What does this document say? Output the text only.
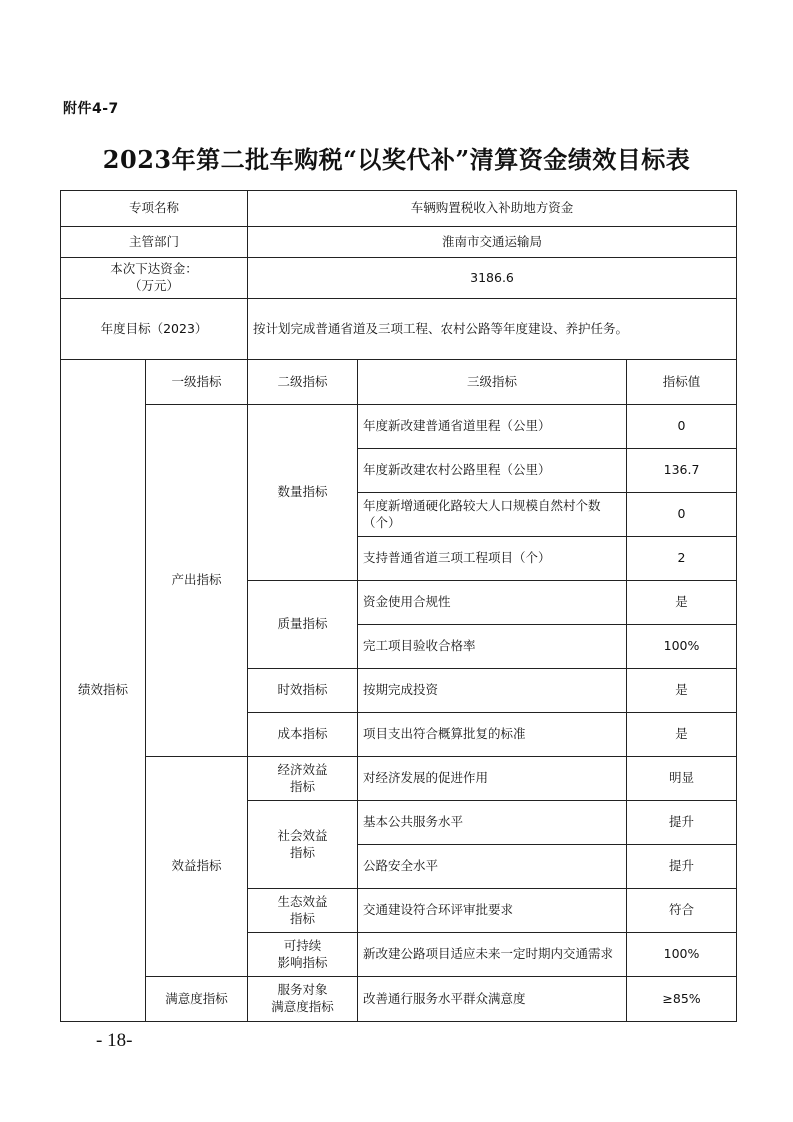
附件4-7
2023年第二批车购税“以奖代补”清算资金绩效目标表
专项名称		车辆购置税收入补助地方资金		
主管部门		淮南市交通运输局		

本次下达资金：
（万元）		3186.6		
年度目标（2023）		按计划完成普通省道及三项工程、农村公路等年度建设、养护任务。		
绩效指标	一级指标	二级指标	三级指标	指标值
	产出指标	数量指标	年度新改建普通省道里程（公里）	0
			年度新改建农村公路里程（公里）	136.7
			年度新增通硬化路较大人口规模自然村个数（个）	0
			支持普通省道三项工程项目（个）	2
		质量指标	资金使用合规性	是
			完工项目验收合格率	100%
		时效指标	按期完成投资	是
		成本指标	项目支出符合概算批复的标准	是
	效益指标	经济效益
指标	对经济发展的促进作用	明显

		社会效益
指标	基本公共服务水平	提升
			公路安全水平	提升

		生态效益
指标	交通建设符合环评审批要求	符合

		可持续
影响指标	新改建公路项目适应未来一定时期内交通需求	100%
	满意度指标	服务对象
满意度指标	改善通行服务水平群众满意度	≥85%
- 18-
